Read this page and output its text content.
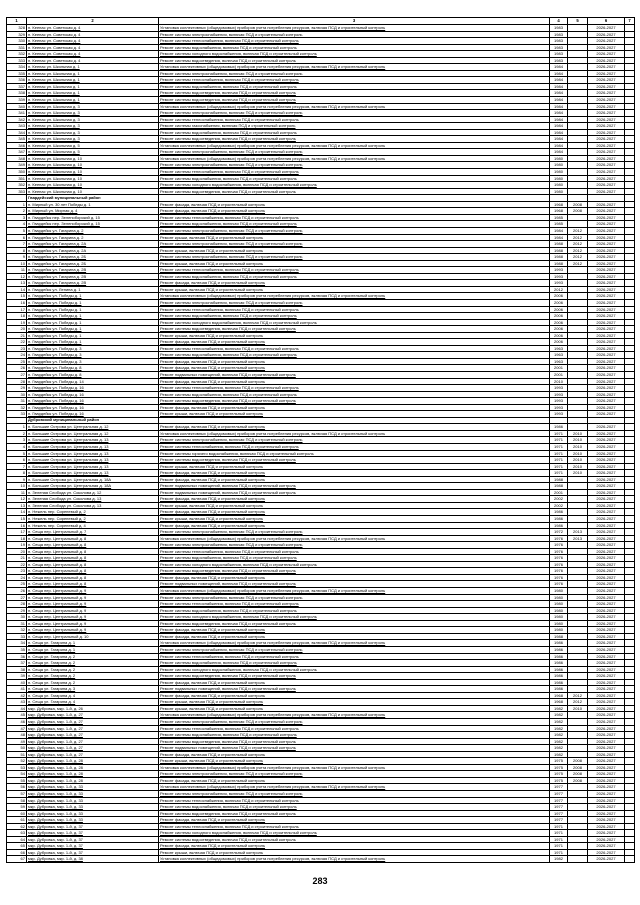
1	2	3	4	5	6	7
328	п. Кеенас ул. Советская д. 4	Установка коллективных (общедомовых) приборов учета потребления ресурсов, включая ПСД и строительный контроль	1983		2026-2027	
329	п. Кеенас ул. Советская д. 4	Ремонт системы электроснабжения, включая ПСД и строительный контроль	1983		2026-2027	
330	п. Кеенас ул. Советская д. 4	Ремонт системы теплоснабжения, включая ПСД и строительный контроль	1983		2026-2027	
331	п. Кеенас ул. Советская д. 4	Ремонт системы водоснабжения, включая ПСД и строительный контроль	1983		2026-2027	
332	п. Кеенас ул. Советская д. 4	Ремонт системы холодного водоснабжения, включая ПСД и строительный контроль	1983		2026-2027	
333	п. Кеенас ул. Советская д. 4	Ремонт системы водоотведения, включая ПСД и строительный контроль	1983		2026-2027	
334	п. Кеенас ул. Школьная д. 1	Установка коллективных (общедомовых) приборов учета потребления ресурсов, включая ПСД и строительный контроль	1984		2026-2027	
335	п. Кеенас ул. Школьная д. 1	Ремонт системы электроснабжения, включая ПСД и строительный контроль	1984		2026-2027	
336	п. Кеенас ул. Школьная д. 1	Ремонт системы теплоснабжения, включая ПСД и строительный контроль	1984		2026-2027	
337	п. Кеенас ул. Школьная д. 1	Ремонт системы водоснабжения, включая ПСД и строительный контроль	1984		2026-2027	
338	п. Кеенас ул. Школьная д. 1	Ремонт системы водоотведения, включая ПСД и строительный контроль	1984		2026-2027	
339	п. Кеенас ул. Школьная д. 1	Ремонт системы водоотведения, включая ПСД и строительный контроль	1984		2026-2027	
340	п. Кеенас ул. Школьная д. 3	Установка коллективных (общедомовых) приборов учета потребления ресурсов, включая ПСД и строительный контроль	1984		2026-2027	
341	п. Кеенас ул. Школьная д. 3	Ремонт системы электроснабжения, включая ПСД и строительный контроль	1984		2026-2027	
342	п. Кеенас ул. Школьная д. 3	Ремонт системы теплоснабжения, включая ПСД и строительный контроль	1984		2026-2027	
343	п. Кеенас ул. Школьная д. 3	Ремонт системы газоснабжения, включая ПСД и строительный контроль	1984		2026-2027	
344	п. Кеенас ул. Школьная д. 3	Ремонт системы водоснабжения, включая ПСД и строительный контроль	1984		2026-2027	
345	п. Кеенас ул. Школьная д. 3	Ремонт системы водоотведения, включая ПСД и строительный контроль	1984		2026-2027	
346	п. Кеенас ул. Школьная д. 5	Установка коллективных (общедомовых) приборов учета потребления ресурсов, включая ПСД и строительный контроль	1984		2026-2027	
347	п. Кеенас ул. Школьная д. 5	Ремонт системы электроснабжения, включая ПСД и строительный контроль	1984		2026-2027	
348	п. Кеенас ул. Школьная д. 10	Установка коллективных (общедомовых) приборов учета потребления ресурсов, включая ПСД и строительный контроль	1980		2026-2027	
349	п. Кеенас ул. Школьная д. 10	Ремонт системы электроснабжения, включая ПСД и строительный контроль	1980		2026-2027	
350	п. Кеенас ул. Школьная д. 10	Ремонт системы теплоснабжения, включая ПСД и строительный контроль	1980		2026-2027	
351	п. Кеенас ул. Школьная д. 10	Ремонт системы водоснабжения, включая ПСД и строительный контроль	1980		2026-2027	
352	п. Кеенас ул. Школьная д. 10	Ремонт системы холодного водоснабжения, включая ПСД и строительный контроль	1980		2026-2027	
353	п. Кеенас ул. Школьная д. 10	Ремонт системы водоотведения, включая ПСД и строительный контроль	1980		2026-2027	
	Гвардейский муниципальный район					
1	п. Мирный ул. 30 лет Победы д. 1	Ремонт фасада, включая ПСД и строительный контроль	1968	2008	2026-2027	
2	п. Мирный ул. Мирная д. 4	Ремонт фасада, включая ПСД и строительный контроль	1968	2008	2026-2027	
3	п. Гвардейск пер. Зеленоборский д. 15	Ремонт системы теплоснабжения, включая ПСД и строительный контроль	1985		2026-2027	
4	п. Гвардейск пер. Зеленоборский д. 15	Ремонт системы водоснабжения, включая ПСД и строительный контроль	1985		2026-2027	
5	п. Гвардейск ул. Гагарина д. 2	Ремонт системы электроснабжения, включая ПСД и строительный контроль	1984	2012	2026-2027	
6	п. Гвардейск ул. Гагарина д. 2	Ремонт крыши, включая ПСД и строительный контроль	1984	2012	2026-2027	
7	п. Гвардейск ул. Гагарина д. 2А	Ремонт системы электроснабжения, включая ПСД и строительный контроль	1988	2012	2026-2027	
8	п. Гвардейск ул. Гагарина д. 2А	Ремонт крыши, включая ПСД и строительный контроль	1988	2012	2026-2027	
9	п. Гвардейск ул. Гагарина д. 2Б	Ремонт системы электроснабжения, включая ПСД и строительный контроль	1988	2012	2026-2027	
10	п. Гвардейск ул. Гагарина д. 2Б	Ремонт крыши, включая ПСД и строительный контроль	1988	2012	2026-2027	
11	п. Гвардейск ул. Гагарина д. 2В	Ремонт системы теплоснабжения, включая ПСД и строительный контроль	1993		2026-2027	
12	п. Гвардейск ул. Гагарина д. 2В	Ремонт системы водоснабжения, включая ПСД и строительный контроль	1993		2026-2027	
13	п. Гвардейск ул. Гагарина д. 2В	Ремонт фасада, включая ПСД и строительный контроль	1993		2026-2027	
14	п. Гвардейск ул. Ленина д. 1	Ремонт крыши, включая ПСД и строительный контроль	2012		2026-2027	
15	п. Гвардейск ул. Победы д. 1	Установка коллективных (общедомовых) приборов учета потребления ресурсов, включая ПСД и строительный контроль	2006		2026-2027	
16	п. Гвардейск ул. Победы д. 1	Ремонт системы электроснабжения, включая ПСД и строительный контроль	2006		2026-2027	
17	п. Гвардейск ул. Победы д. 1	Ремонт системы теплоснабжения, включая ПСД и строительный контроль	2006		2026-2027	
18	п. Гвардейск ул. Победы д. 1	Ремонт системы водоснабжения, включая ПСД и строительный контроль	2006		2026-2027	
19	п. Гвардейск ул. Победы д. 1	Ремонт системы холодного водоснабжения, включая ПСД и строительный контроль	2006		2026-2027	
20	п. Гвардейск ул. Победы д. 1	Ремонт системы водоотведения, включая ПСД и строительный контроль	2006		2026-2027	
21	п. Гвардейск ул. Победы д. 1	Ремонт крыши, включая ПСД и строительный контроль	2006		2026-2027	
22	п. Гвардейск ул. Победы д. 1	Ремонт фасада, включая ПСД и строительный контроль	2006		2026-2027	
23	п. Гвардейск ул. Победы д. 3	Ремонт системы теплоснабжения, включая ПСД и строительный контроль	1963		2026-2027	
24	п. Гвардейск ул. Победы д. 3	Ремонт системы водоснабжения, включая ПСД и строительный контроль	1963		2026-2027	
25	п. Гвардейск ул. Победы д. 3	Ремонт фасада, включая ПСД и строительный контроль	1963		2026-2027	
26	п. Гвардейск ул. Победы д. 8	Ремонт фасада, включая ПСД и строительный контроль	2001		2026-2027	
27	п. Гвардейск ул. Победы д. 8	Ремонт подвальных помещений, включая ПСД и строительный контроль	2001		2026-2027	
28	п. Гвардейск ул. Победы д. 14	Ремонт фасада, включая ПСД и строительный контроль	2010		2026-2027	
29	п. Гвардейск ул. Победы д. 16	Ремонт системы теплоснабжения, включая ПСД и строительный контроль	1993		2026-2027	
30	п. Гвардейск ул. Победы д. 16	Ремонт системы водоснабжения, включая ПСД и строительный контроль	1993		2026-2027	
31	п. Гвардейск ул. Победы д. 16	Ремонт системы водоотведения, включая ПСД и строительный контроль	1993		2026-2027	
32	п. Гвардейск ул. Победы д. 16	Ремонт фасада, включая ПСД и строительный контроль	1993		2026-2027	
33	п. Гвардейск ул. Победы д. 16	Ремонт крыши, включая ПСД и строительный контроль	1993		2026-2027	
	Дубровский муниципальный район					
1	п. Большие Острова ул. Центральная д. 12	Ремонт фасада, включая ПСД и строительный контроль	1986		2026-2027	
2	п. Большие Острова ул. Центральная д. 12	Установка коллективных (общедомовых) приборов учета потребления ресурсов, включая ПСД и строительный контроль	1971	2010	2026-2027	
3	п. Большие Острова ул. Центральная д. 13	Ремонт системы электроснабжения, включая ПСД и строительный контроль	1971	2010	2026-2027	
4	п. Большие Острова ул. Центральная д. 13	Ремонт системы теплоснабжения, включая ПСД и строительный контроль	1971	2010	2026-2027	
5	п. Большие Острова ул. Центральная д. 13	Ремонт системы горячего водоснабжения, включая ПСД и строительный контроль	1971	2010	2026-2027	
6	п. Большие Острова ул. Центральная д. 13	Ремонт системы водоотведения, включая ПСД и строительный контроль	1971	2010	2026-2027	
7	п. Большие Острова ул. Центральная д. 13	Ремонт крыши, включая ПСД и строительный контроль	1971	2010	2026-2027	
8	п. Большие Острова ул. Центральная д. 13	Ремонт фасада, включая ПСД и строительный контроль	1971	2010	2026-2027	
9	п. Большие Острова ул. Центральная д. 18А	Ремонт фасада, включая ПСД и строительный контроль	1988		2026-2027	
10	п. Большие Острова ул. Центральная д. 18А	Ремонт подвальных помещений, включая ПСД и строительный контроль	1988		2026-2027	
11	п. Зеленая Слобода ул. Соколова д. 12	Ремонт подвальных помещений, включая ПСД и строительный контроль	2001		2026-2027	
12	п. Зеленая Слобода ул. Соколова д. 13	Ремонт фасада, включая ПСД и строительный контроль	2002		2026-2027	
13	п. Зеленая Слобода ул. Соколова д. 13	Ремонт крыши, включая ПСД и строительный контроль	2002		2026-2027	
14	п. Нежель пер. Сиреневый д. 2	Ремонт фасада, включая ПСД и строительный контроль	1986		2026-2027	
15	п. Нежель пер. Сиреневый д. 2	Ремонт крыши, включая ПСД и строительный контроль	1986		2026-2027	
16	п. Нежель пер. Сиреневый д. 4	Ремонт фасада, включая ПСД и строительный контроль	1986		2026-2027	
17	п. Сеща пер. Центральный д. 7	Ремонт системы электроснабжения, включая ПСД и строительный контроль	1972	2013	2026-2027	
18	п. Сеща пер. Центральный д. 8	Установка коллективных (общедомовых) приборов учета потребления ресурсов, включая ПСД и строительный контроль	1976	2013	2026-2027	
19	п. Сеща пер. Центральный д. 8	Ремонт системы электроснабжения, включая ПСД и строительный контроль	1976		2026-2027	
20	п. Сеща пер. Центральный д. 8	Ремонт системы теплоснабжения, включая ПСД и строительный контроль	1976		2026-2027	
21	п. Сеща пер. Центральный д. 8	Ремонт системы водоснабжения, включая ПСД и строительный контроль	1976		2026-2027	
22	п. Сеща пер. Центральный д. 8	Ремонт системы холодного водоснабжения, включая ПСД и строительный контроль	1976		2026-2027	
23	п. Сеща пер. Центральный д. 8	Ремонт системы водоотведения, включая ПСД и строительный контроль	1976		2026-2027	
24	п. Сеща пер. Центральный д. 8	Ремонт фасада, включая ПСД и строительный контроль	1976		2026-2027	
25	п. Сеща пер. Центральный д. 8	Ремонт подвальных помещений, включая ПСД и строительный контроль	1976		2026-2027	
26	п. Сеща пер. Центральный д. 9	Установка коллективных (общедомовых) приборов учета потребления ресурсов, включая ПСД и строительный контроль	1980		2026-2027	
27	п. Сеща пер. Центральный д. 9	Ремонт системы электроснабжения, включая ПСД и строительный контроль	1980		2026-2027	
28	п. Сеща пер. Центральный д. 9	Ремонт системы теплоснабжения, включая ПСД и строительный контроль	1980		2026-2027	
29	п. Сеща пер. Центральный д. 9	Ремонт системы водоснабжения, включая ПСД и строительный контроль	1980		2026-2027	
30	п. Сеща пер. Центральный д. 9	Ремонт системы холодного водоснабжения, включая ПСД и строительный контроль	1980		2026-2027	
31	п. Сеща пер. Центральный д. 9	Ремонт системы водоотведения, включая ПСД и строительный контроль	1980		2026-2027	
32	п. Сеща пер. Центральный д. 9	Ремонт фасада, включая ПСД и строительный контроль	1980		2026-2027	
33	п. Сеща пер. Центральный д. 10	Ремонт фасада, включая ПСД и строительный контроль	1988		2026-2027	
34	п. Сеща ул. Гагарина д. 1	Установка коллективных (общедомовых) приборов учета потребления ресурсов, включая ПСД и строительный контроль	1986		2026-2027	
35	п. Сеща ул. Гагарина д. 1	Ремонт системы электроснабжения, включая ПСД и строительный контроль	1986		2026-2027	
36	п. Сеща ул. Гагарина д. 2	Ремонт системы теплоснабжения, включая ПСД и строительный контроль	1986		2026-2027	
37	п. Сеща ул. Гагарина д. 2	Ремонт системы водоснабжения, включая ПСД и строительный контроль	1986		2026-2027	
38	п. Сеща ул. Гагарина д. 2	Ремонт системы холодного водоснабжения, включая ПСД и строительный контроль	1986		2026-2027	
39	п. Сеща ул. Гагарина д. 2	Ремонт системы водоотведения, включая ПСД и строительный контроль	1986		2026-2027	
40	п. Сеща ул. Гагарина д. 2	Ремонт фасада, включая ПСД и строительный контроль	1986		2026-2027	
41	п. Сеща ул. Гагарина д. 3	Ремонт подвальных помещений, включая ПСД и строительный контроль	1986		2026-2027	
42	п. Сеща ул. Гагарина д. 4	Ремонт фасада, включая ПСД и строительный контроль	1968	2012	2026-2027	
43	п. Сеща ул. Гагарина д. 4	Ремонт крыши, включая ПСД и строительный контроль	1968	2012	2026-2027	
44	мкр. Дубровка, мкр. 1-й, д. 26	Ремонт крыши, включая ПСД и строительный контроль	1982	2010	2026-2027	
45	мкр. Дубровка, мкр. 1-й, д. 27	Установка коллективных (общедомовых) приборов учета потребления ресурсов, включая ПСД и строительный контроль	1982		2026-2027	
46	мкр. Дубровка, мкр. 1-й, д. 27	Ремонт системы электроснабжения, включая ПСД и строительный контроль	1982		2026-2027	
47	мкр. Дубровка, мкр. 1-й, д. 27	Ремонт системы теплоснабжения, включая ПСД и строительный контроль	1982		2026-2027	
48	мкр. Дубровка, мкр. 1-й, д. 27	Ремонт системы водоснабжения, включая ПСД и строительный контроль	1982		2026-2027	
49	мкр. Дубровка, мкр. 1-й, д. 27	Ремонт системы водоотведения, включая ПСД и строительный контроль	1982		2026-2027	
50	мкр. Дубровка, мкр. 1-й, д. 27	Ремонт подвальных помещений, включая ПСД и строительный контроль	1982		2026-2027	
51	мкр. Дубровка, мкр. 1-й, д. 27	Ремонт фасада, включая ПСД и строительный контроль	1982		2026-2027	
52	мкр. Дубровка, мкр. 1-й, д. 28	Ремонт крыши, включая ПСД и строительный контроль	1975	2008	2026-2027	
53	мкр. Дубровка, мкр. 1-й, д. 28	Установка коллективных (общедомовых) приборов учета потребления ресурсов, включая ПСД и строительный контроль	1975	2008	2026-2027	
54	мкр. Дубровка, мкр. 1-й, д. 28	Ремонт системы электроснабжения, включая ПСД и строительный контроль	1975	2008	2026-2027	
55	мкр. Дубровка, мкр. 1-й, д. 28	Ремонт фасада, включая ПСД и строительный контроль	1975	2008	2026-2027	
56	мкр. Дубровка, мкр. 1-й, д. 33	Установка коллективных (общедомовых) приборов учета потребления ресурсов, включая ПСД и строительный контроль	1977		2026-2027	
57	мкр. Дубровка, мкр. 1-й, д. 33	Ремонт системы электроснабжения, включая ПСД и строительный контроль	1977		2026-2027	
58	мкр. Дубровка, мкр. 1-й, д. 33	Ремонт системы теплоснабжения, включая ПСД и строительный контроль	1977		2026-2027	
59	мкр. Дубровка, мкр. 1-й, д. 33	Ремонт системы водоснабжения, включая ПСД и строительный контроль	1977		2026-2027	
60	мкр. Дубровка, мкр. 1-й, д. 33	Ремонт системы водоотведения, включая ПСД и строительный контроль	1977		2026-2027	
61	мкр. Дубровка, мкр. 1-й, д. 33	Ремонт фасада, включая ПСД и строительный контроль	1977		2026-2027	
62	мкр. Дубровка, мкр. 1-й, д. 37	Ремонт системы теплоснабжения, включая ПСД и строительный контроль	1971		2026-2027	
63	мкр. Дубровка, мкр. 1-й, д. 37	Ремонт системы холодного водоснабжения, включая ПСД и строительный контроль	1971		2026-2027	
64	мкр. Дубровка, мкр. 1-й, д. 37	Ремонт системы водоотведения, включая ПСД и строительный контроль	1971		2026-2027	
65	мкр. Дубровка, мкр. 1-й, д. 37	Ремонт фасада, включая ПСД и строительный контроль	1971		2026-2027	
66	мкр. Дубровка, мкр. 1-й, д. 37	Ремонт крыши, включая ПСД и строительный контроль	1971		2026-2027	
67	мкр. Дубровка, мкр. 1-й, д. 38	Установка коллективных (общедомовых) приборов учета потребления ресурсов, включая ПСД и строительный контроль	1982		2026-2027	
283
